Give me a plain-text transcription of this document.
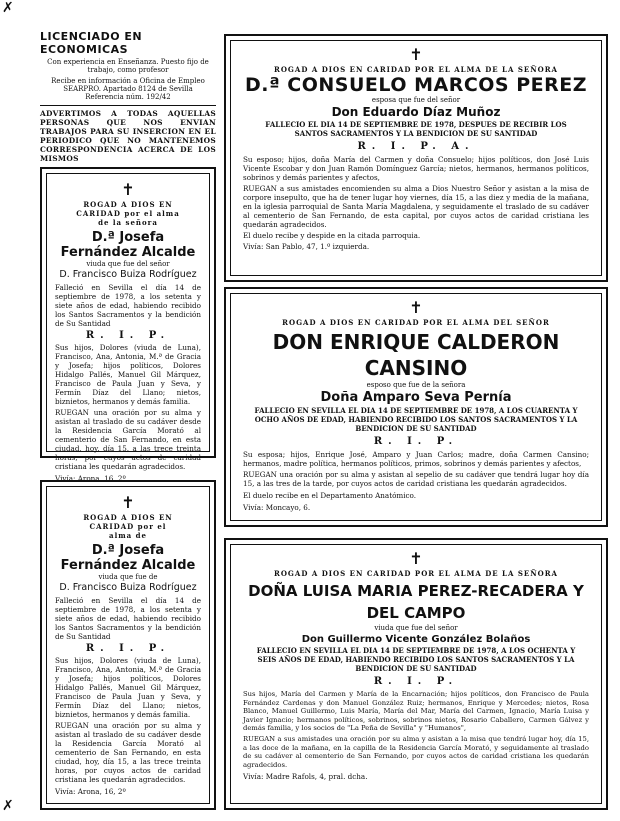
✗
✗
LICENCIADO EN ECONOMICAS
Con experiencia en Enseñanza. Puesto fijo de trabajo, como profesor
Recibe en información a Oficina de Empleo SEARPRO. Apartado 8124 de Sevilla
Referencia núm. 192/42
ADVERTIMOS A TODAS AQUELLAS PERSONAS QUE NOS ENVIAN TRABAJOS PARA SU INSERCION EN EL PERIODICO QUE NO MANTENEMOS CORRESPONDENCIA ACERCA DE LOS MISMOS
✝
ROGAD A DIOS EN CARIDAD por el alma de la señora
D.ª Josefa Fernández Alcalde
viuda que fue del señor
D. Francisco Buiza Rodríguez

Falleció en Sevilla el día 14 de septiembre de 1978, a los setenta y siete años de edad, habiendo recibido los Santos Sacramentos y la bendición de Su Santidad

R. I. P.

Sus hijos, Dolores (viuda de Luna), Francisco, Ana, Antonia, M.ª de Gracia y Josefa; hijos políticos, Dolores Hidalgo Pallés, Manuel Gil Márquez, Francisco de Paula Juan y Seva, y Fermín Díaz del Llano; nietos, biznietos, hermanos y demás familia.

RUEGAN una oración por su alma y asistan al traslado de su cadáver desde la Residencia García Morató al cementerio de San Fernando, en esta ciudad, hoy, día 15, a las trece treinta horas, por cuyos actos de caridad cristiana les quedarán agradecidos.

Vivía: Arona, 16, 2º
✝
ROGAD A DIOS EN CARIDAD por el alma de
D.ª Josefa Fernández Alcalde
viuda que fue de
D. Francisco Buiza Rodríguez

Falleció en Sevilla el día 14 de septiembre de 1978, a los setenta y siete años de edad, habiendo recibido los Santos Sacramentos y la bendición de Su Santidad

R. I. P.

Sus hijos, Dolores (viuda de Luna), Francisco, Ana, Antonia, M.ª de Gracia y Josefa; hijos políticos, Dolores Hidalgo Pallés, Manuel Gil Márquez, Francisco de Paula Juan y Seva, y Fermín Díaz del Llano; nietos, biznietos, hermanos y demás familia.

RUEGAN una oración por su alma y asistan al traslado de su cadáver desde la Residencia García Morató al cementerio de San Fernando, en esta ciudad, hoy, día 15, a las trece treinta horas, por cuyos actos de caridad cristiana les quedarán agradecidos.

Vivía: Arona, 16, 2º
✝
ROGAD A DIOS EN CARIDAD POR EL ALMA DE LA SEÑORA
D.ª CONSUELO MARCOS PEREZ
esposa que fue del señor
Don Eduardo Díaz Muñoz
FALLECIO EL DIA 14 DE SEPTIEMBRE DE 1978, DESPUES DE RECIBIR LOS SANTOS SACRAMENTOS Y LA BENDICION DE SU SANTIDAD
R. I. P. A.

Su esposo; hijos, doña María del Carmen y doña Consuelo; hijos políticos, don José Luis Vicente Escobar y don Juan Ramón Domínguez García; nietos, hermanos, hermanos políticos, sobrinos y demás parientes y afectos,

RUEGAN a sus amistades encomienden su alma a Dios Nuestro Señor y asistan a la misa de corpore insepulto, que ha de tener lugar hoy viernes, día 15, a las diez y media de la mañana, en la iglesia parroquial de Santa María Magdalena, y seguidamente el traslado de su cadáver al cementerio de San Fernando, de esta capital, por cuyos actos de caridad cristiana les quedarán agradecidos.

El duelo recibe y despide en la citada parroquia.
Vivía: San Pablo, 47, 1.º izquierda.
✝
ROGAD A DIOS EN CARIDAD POR EL ALMA DEL SEÑOR
DON ENRIQUE CALDERON CANSINO
esposo que fue de la señora
Doña Amparo Seva Pernía
FALLECIO EN SEVILLA EL DIA 14 DE SEPTIEMBRE DE 1978, A LOS CUARENTA Y OCHO AÑOS DE EDAD, HABIENDO RECIBIDO LOS SANTOS SACRAMENTOS Y LA BENDICION DE SU SANTIDAD
R. I. P.

Su esposa; hijos, Enrique José, Amparo y Juan Carlos; madre, doña Carmen Cansino; hermanos, madre política, hermanos políticos, primos, sobrinos y demás parientes y afectos,

RUEGAN una oración por su alma y asistan al sepelio de su cadáver que tendrá lugar hoy día 15, a las tres de la tarde, por cuyos actos de caridad cristiana les quedarán agradecidos.

El duelo recibe en el Departamento Anatómico.
Vivía: Moncayo, 6.
✝
ROGAD A DIOS EN CARIDAD POR EL ALMA DE LA SEÑORA
DOÑA LUISA MARIA PEREZ-RECADERA Y DEL CAMPO
viuda que fue del señor
Don Guillermo Vicente González Bolaños
FALLECIO EN SEVILLA EL DIA 14 DE SEPTIEMBRE DE 1978, A LOS OCHENTA Y SEIS AÑOS DE EDAD, HABIENDO RECIBIDO LOS SANTOS SACRAMENTOS Y LA BENDICION DE SU SANTIDAD
R. I. P.

Sus hijos, María del Carmen y María de la Encarnación; hijos políticos, don Francisco de Paula Fernández Cardenas y don Manuel González Ruiz; hermanos, Enrique y Mercedes; nietos, Rosa Blanco, Manuel Guillermo, Luis María, María del Mar, María del Carmen, Ignacio, María Luisa y Javier Ignacio; hermanos políticos, sobrinos, sobrinos nietos, Rosario Caballero, Carmen Gálvez y demás familia, y los socios de "La Peña de Sevilla" y "Humanos",

RUEGAN a sus amistades una oración por su alma y asistan a la misa que tendrá lugar hoy, día 15, a las doce de la mañana, en la capilla de la Residencia García Morató, y seguidamente al traslado de su cadáver al cementerio de San Fernando, por cuyos actos de caridad cristiana les quedarán agradecidos.

Vivía: Madre Rafols, 4, pral. dcha.
